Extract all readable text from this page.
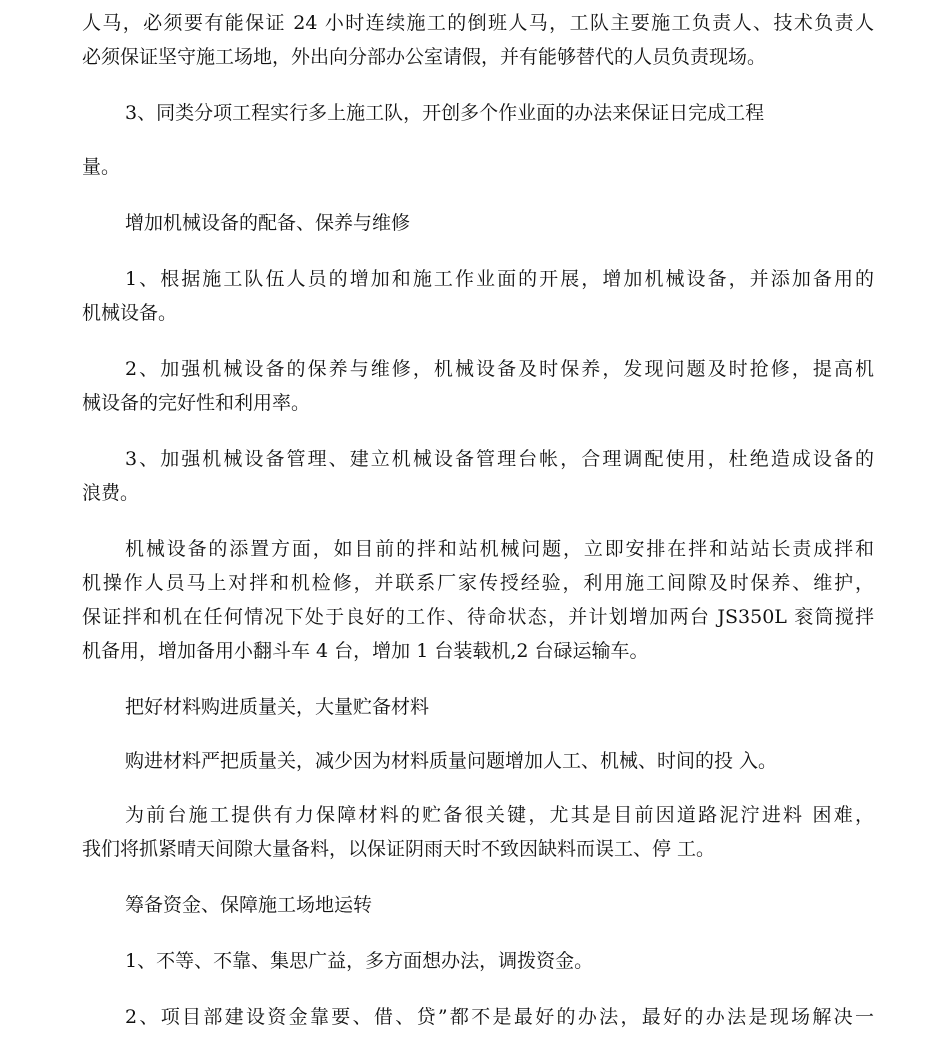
人马，必须要有能保证 24 小时连续施工的倒班人马，工队主要施工负责人、技术负责人
必须保证坚守施工场地，外出向分部办公室请假，并有能够替代的人员负责现场。
3、同类分项工程实行多上施工队，开创多个作业面的办法来保证日完成工程
量。
增加机械设备的配备、保养与维修
1、根据施工队伍人员的增加和施工作业面的开展，增加机械设备，并添加备用的
机械设备。
2、加强机械设备的保养与维修，机械设备及时保养，发现问题及时抢修，提高机
械设备的完好性和利用率。
3、加强机械设备管理、建立机械设备管理台帐，合理调配使用，杜绝造成设备的
浪费。
机械设备的添置方面，如目前的拌和站机械问题，立即安排在拌和站站长责成拌和
机操作人员马上对拌和机检修，并联系厂家传授经验，利用施工间隙及时保养、维护，
保证拌和机在任何情况下处于良好的工作、待命状态，并计划增加两台 JS350L 衮筒搅拌
机备用，增加备用小翻斗车 4 台，增加 1 台装载机,2 台碌运输车。
把好材料购进质量关，大量贮备材料
购进材料严把质量关，减少因为材料质量问题增加人工、机械、时间的投 入。
为前台施工提供有力保障材料的贮备很关键，尤其是目前因道路泥泞进料 困难，
我们将抓紧晴天间隙大量备料，以保证阴雨天时不致因缺料而误工、停 工。
筹备资金、保障施工场地运转
1、不等、不靠、集思广益，多方面想办法，调拨资金。
2、项目部建设资金靠要、借、贷”都不是最好的办法，最好的办法是现场解决一
